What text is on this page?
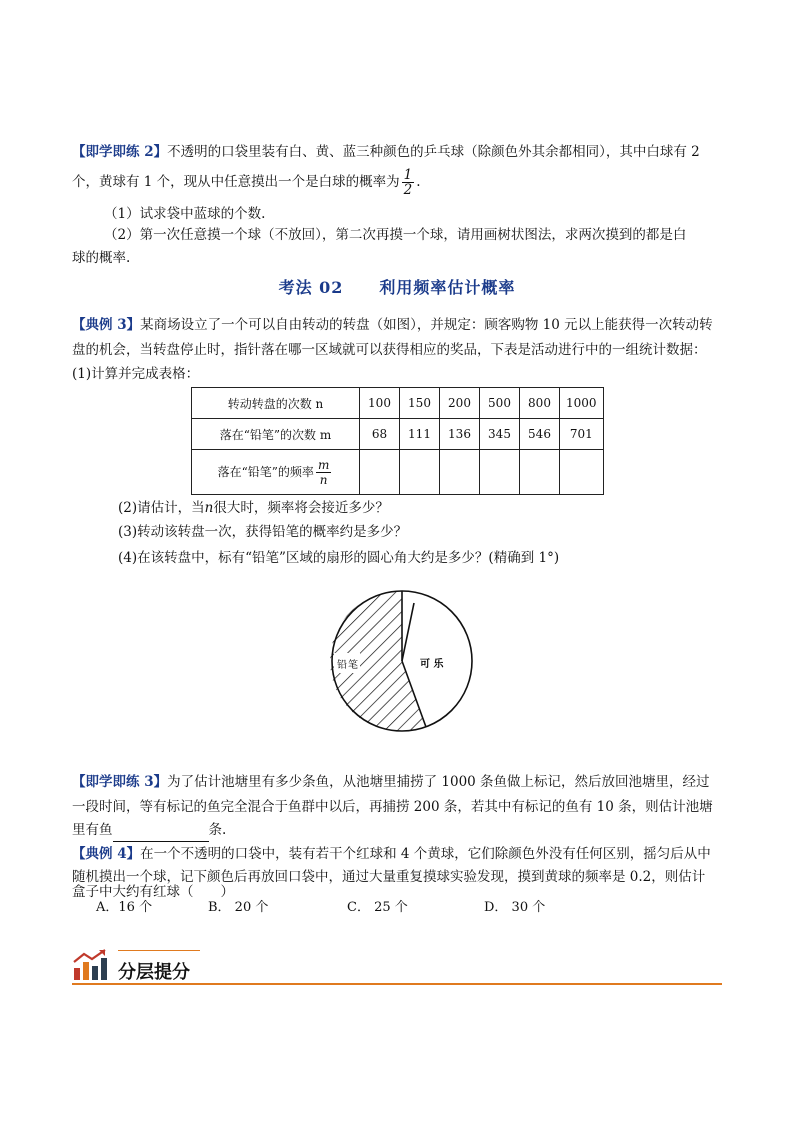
【即学即练 2】不透明的口袋里装有白、黄、蓝三种颜色的乒乓球（除颜色外其余都相同），其中白球有 2

个，黄球有 1 个，现从中任意摸出一个是白球的概率为 $\frac{1}{2}$ .

（1）试求袋中蓝球的个数.

（2）第一次任意摸一个球（不放回），第二次再摸一个球，请用画树状图法，求两次摸到的都是白

球的概率.

考法 02 利用频率估计概率

【典例 3】某商场设立了一个可以自由转动的转盘（如图），并规定：顾客购物 10 元以上能获得一次转动转

盘的机会，当转盘停止时，指针落在哪一区域就可以获得相应的奖品，下表是活动进行中的一组统计数据：

(1)计算并完成表格：

转动转盘的次数 n	100	150	200	500	800	1000
落在“铅笔”的次数 m	68	111	136	345	546	701
落在“铅笔”的频率 $\frac{m}{n}$

(2)请估计，当n很大时，频率将会接近多少？

(3)转动该转盘一次，获得铅笔的概率约是多少？

(4)在该转盘中，标有“铅笔”区域的扇形的圆心角大约是多少？(精确到 1°)

铅 笔	可 乐

【即学即练 3】为了估计池塘里有多少条鱼，从池塘里捕捞了 1000 条鱼做上标记，然后放回池塘里，经过

一段时间，等有标记的鱼完全混合于鱼群中以后，再捕捞 200 条，若其中有标记的鱼有 10 条，则估计池塘

里有鱼	条.

【典例 4】在一个不透明的口袋中，装有若干个红球和 4 个黄球，它们除颜色外没有任何区别，摇匀后从中

随机摸出一个球，记下颜色后再放回口袋中，通过大量重复摸球实验发现，摸到黄球的频率是 0.2，则估计

盒子中大约有红球（　　）

A．16 个	B． 20 个	C． 25 个	D． 30 个
分层提分
